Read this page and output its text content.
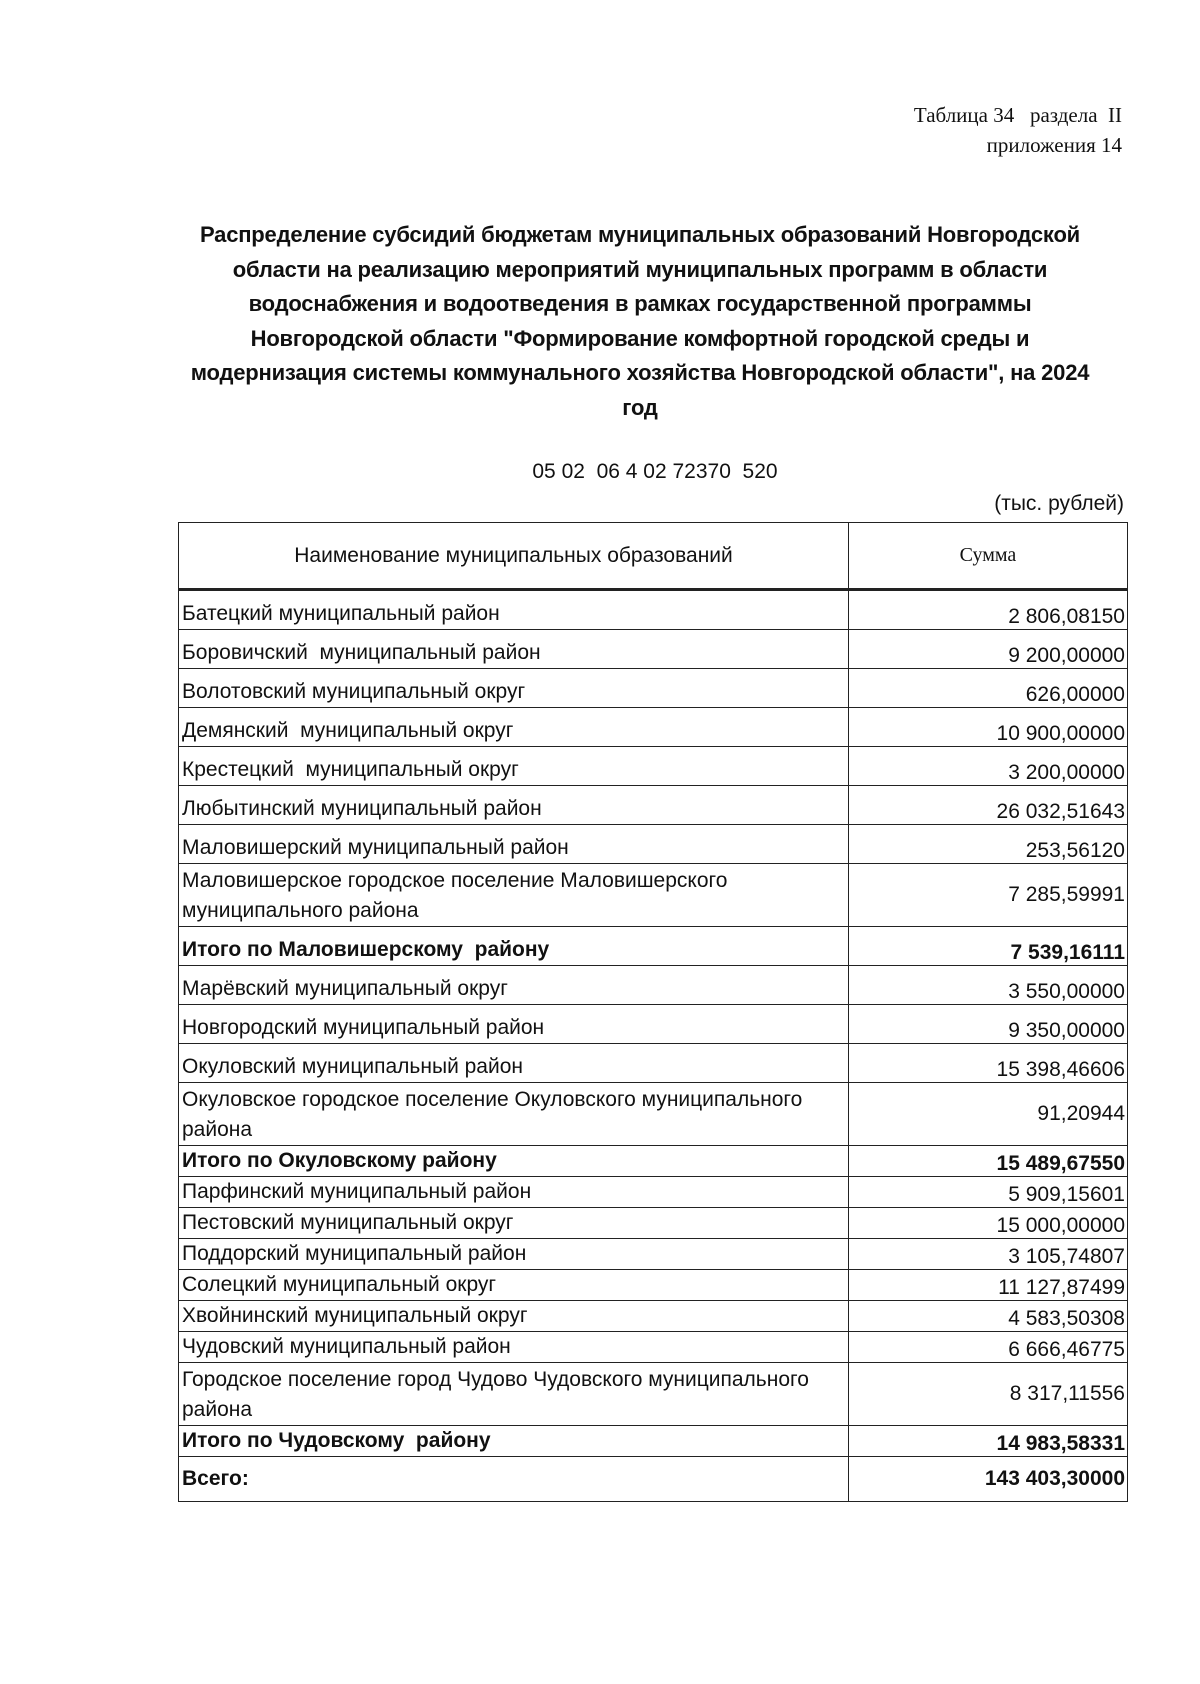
Таблица 34   раздела  II
приложения 14
Распределение субсидий бюджетам муниципальных образований Новгородской
области на реализацию мероприятий муниципальных программ в области
водоснабжения и водоотведения в рамках государственной программы
Новгородской области "Формирование комфортной городской среды и
модернизация системы коммунального хозяйства Новгородской области", на 2024
год
05 02  06 4 02 72370  520
(тыс. рублей)
Наименование муниципальных образований	Сумма
Батецкий муниципальный район	2 806,08150
Боровичский  муниципальный район	9 200,00000
Волотовский муниципальный округ	626,00000
Демянский  муниципальный округ	10 900,00000
Крестецкий  муниципальный округ	3 200,00000
Любытинский муниципальный район	26 032,51643
Маловишерский муниципальный район	253,56120
Маловишерское городское поселение Маловишерского муниципального района	7 285,59991
Итого по Маловишерскому  району	7 539,16111
Марёвский муниципальный округ	3 550,00000
Новгородский муниципальный район	9 350,00000
Окуловский муниципальный район	15 398,46606
Окуловское городское поселение Окуловского муниципального района	91,20944
Итого по Окуловскому району	15 489,67550
Парфинский муниципальный район	5 909,15601
Пестовский муниципальный округ	15 000,00000
Поддорский муниципальный район	3 105,74807
Солецкий муниципальный округ	11 127,87499
Хвойнинский муниципальный округ	4 583,50308
Чудовский муниципальный район	6 666,46775
Городское поселение город Чудово Чудовского муниципального района	8 317,11556
Итого по Чудовскому  району	14 983,58331
Всего:	143 403,30000
